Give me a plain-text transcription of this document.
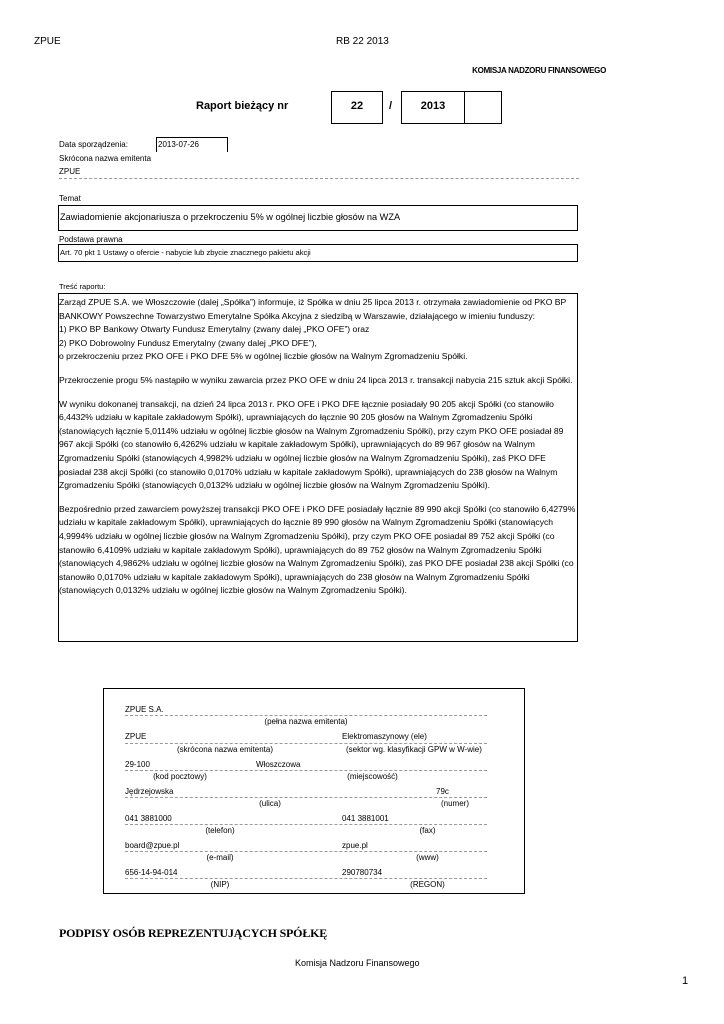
ZPUE	RB 22 2013
KOMISJA NADZORU FINANSOWEGO
Raport bieżący nr	22	/	2013
Data sporządzenia:	2013-07-26
Skrócona nazwa emitenta
ZPUE
Temat
Zawiadomienie akcjonariusza o przekroczeniu 5% w ogólnej liczbie głosów na WZA
Podstawa prawna
Art. 70 pkt 1 Ustawy o ofercie - nabycie lub zbycie znacznego pakietu akcji
Treść raportu:

Zarząd ZPUE S.A. we Włoszczowie (dalej „Spółka”) informuje, iż Spółka w dniu 25 lipca 2013 r. otrzymała zawiadomienie od PKO BP BANKOWY Powszechne Towarzystwo Emerytalne Spółka Akcyjna z siedzibą w Warszawie, działającego w imieniu funduszy:
1) PKO BP Bankowy Otwarty Fundusz Emerytalny (zwany dalej „PKO OFE”) oraz
2) PKO Dobrowolny Fundusz Emerytalny (zwany dalej „PKO DFE”),
o przekroczeniu przez PKO OFE i PKO DFE 5% w ogólnej liczbie głosów na Walnym Zgromadzeniu Spółki.

Przekroczenie progu 5% nastąpiło w wyniku zawarcia przez PKO OFE w dniu 24 lipca 2013 r. transakcji nabycia 215 sztuk akcji Spółki.

W wyniku dokonanej transakcji, na dzień 24 lipca 2013 r. PKO OFE i PKO DFE łącznie posiadały 90 205 akcji Spółki (co stanowiło 6,4432% udziału w kapitale zakładowym Spółki), uprawniających do łącznie 90 205 głosów na Walnym Zgromadzeniu Spółki (stanowiących łącznie 5,0114% udziału w ogólnej liczbie głosów na Walnym Zgromadzeniu Spółki), przy czym PKO OFE posiadał 89 967 akcji Spółki (co stanowiło 6,4262% udziału w kapitale zakładowym Spółki), uprawniających do 89 967 głosów na Walnym Zgromadzeniu Spółki (stanowiących 4,9982% udziału w ogólnej liczbie głosów na Walnym Zgromadzeniu Spółki), zaś PKO DFE posiadał 238 akcji Spółki (co stanowiło 0,0170% udziału w kapitale zakładowym Spółki), uprawniających do 238 głosów na Walnym Zgromadzeniu Spółki (stanowiących 0,0132% udziału w ogólnej liczbie głosów na Walnym Zgromadzeniu Spółki).

Bezpośrednio przed zawarciem powyższej transakcji PKO OFE i PKO DFE posiadały łącznie 89 990 akcji Spółki (co stanowiło 6,4279% udziału w kapitale zakładowym Spółki), uprawniających do łącznie 89 990 głosów na Walnym Zgromadzeniu Spółki (stanowiących 4,9994% udziału w ogólnej liczbie głosów na Walnym Zgromadzeniu Spółki), przy czym PKO OFE posiadał 89 752 akcji Spółki (co stanowiło 6,4109% udziału w kapitale zakładowym Spółki), uprawniających do 89 752 głosów na Walnym Zgromadzeniu Spółki (stanowiących 4,9862% udziału w ogólnej liczbie głosów na Walnym Zgromadzeniu Spółki), zaś PKO DFE posiadał 238 akcji Spółki (co stanowiło 0,0170% udziału w kapitale zakładowym Spółki), uprawniających do 238 głosów na Walnym Zgromadzeniu Spółki (stanowiących 0,0132% udziału w ogólnej liczbie głosów na Walnym Zgromadzeniu Spółki).

ZPUE S.A.
(pełna nazwa emitenta)
ZPUE	Elektromaszynowy (ele)
(skrócona nazwa emitenta)	(sektor wg. klasyfikacji GPW w W-wie)
29-100	Włoszczowa
(kod pocztowy)	(miejscowość)
Jędrzejowska	79c
(ulica)	(numer)
041 3881000	041 3881001
(telefon)	(fax)
board@zpue.pl	zpue.pl
(e-mail)	(www)
656-14-94-014	290780734
(NIP)	(REGON)
PODPISY OSÓB REPREZENTUJĄCYCH SPÓŁKĘ
Komisja Nadzoru Finansowego
1
